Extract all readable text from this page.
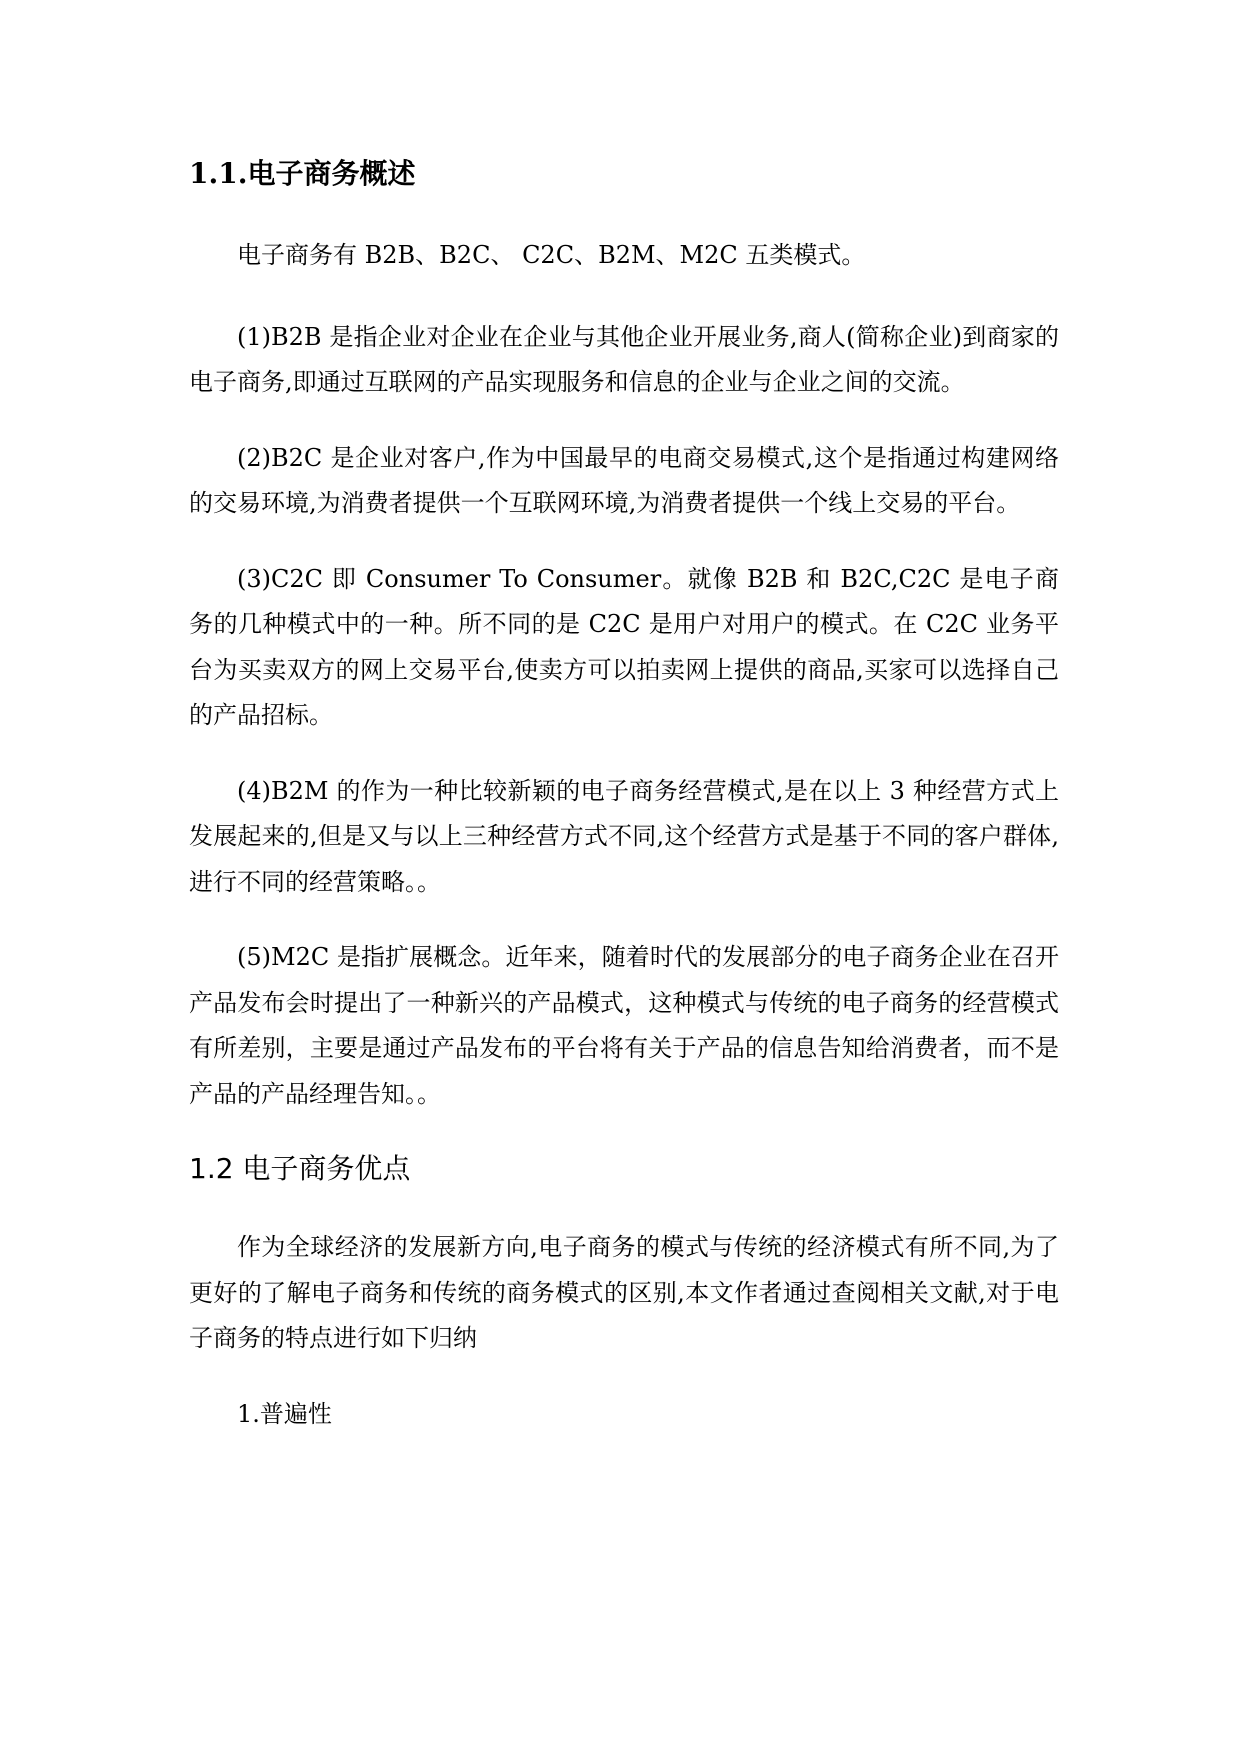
1.1.电子商务概述

电子商务有 B2B、B2C、 C2C、B2M、M2C 五类模式。

(1)B2B 是指企业对企业在企业与其他企业开展业务,商人(简称企业)到商家的电子商务,即通过互联网的产品实现服务和信息的企业与企业之间的交流。

(2)B2C 是企业对客户,作为中国最早的电商交易模式,这个是指通过构建网络的交易环境,为消费者提供一个互联网环境,为消费者提供一个线上交易的平台。

(3)C2C 即 Consumer To Consumer。就像 B2B 和 B2C,C2C 是电子商务的几种模式中的一种。所不同的是 C2C 是用户对用户的模式。在 C2C 业务平台为买卖双方的网上交易平台,使卖方可以拍卖网上提供的商品,买家可以选择自己的产品招标。

(4)B2M 的作为一种比较新颖的电子商务经营模式,是在以上 3 种经营方式上发展起来的,但是又与以上三种经营方式不同,这个经营方式是基于不同的客户群体,进行不同的经营策略。。

(5)M2C 是指扩展概念。近年来，随着时代的发展部分的电子商务企业在召开产品发布会时提出了一种新兴的产品模式，这种模式与传统的电子商务的经营模式有所差别，主要是通过产品发布的平台将有关于产品的信息告知给消费者，而不是产品的产品经理告知。。

1.2 电子商务优点

作为全球经济的发展新方向,电子商务的模式与传统的经济模式有所不同,为了更好的了解电子商务和传统的商务模式的区别,本文作者通过查阅相关文献,对于电子商务的特点进行如下归纳

1.普遍性
